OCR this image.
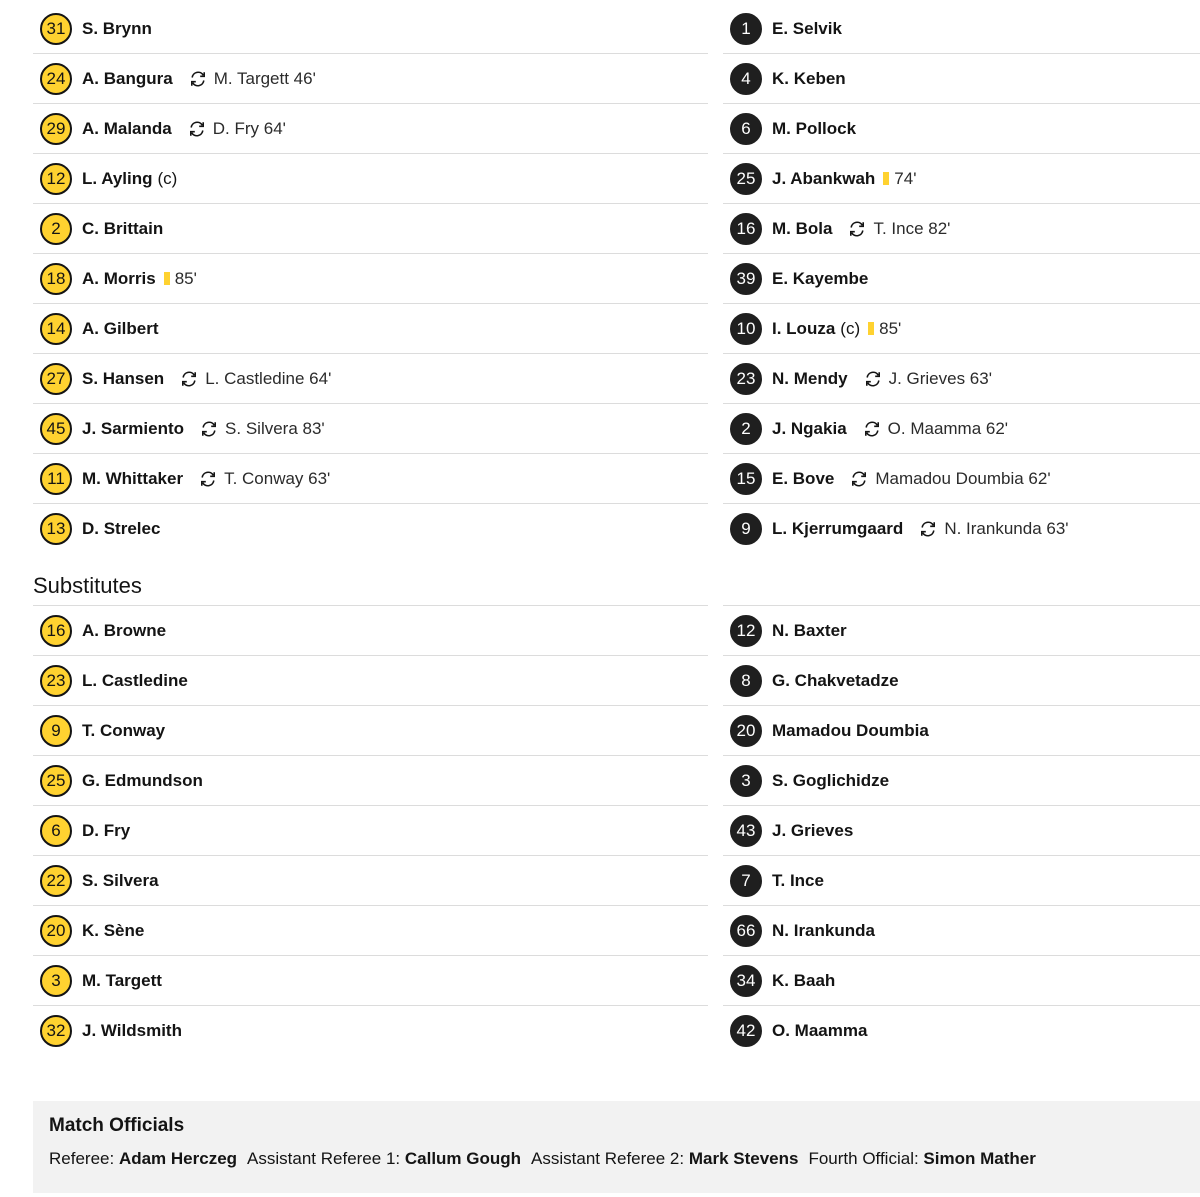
31 S. Brynn
24 A. Bangura M. Targett 46'
29 A. Malanda D. Fry 64'
12 L. Ayling (c)
2	C. Brittain
18 A. Morris 85'
14 A. Gilbert
27 S. Hansen L. Castledine 64'
45 J. Sarmiento S. Silvera 83'
11	M. Whittaker T. Conway 63'
13 D. Strelec
Substitutes
16 A. Browne
23 L. Castledine
9	T. Conway
25 G. Edmundson
6	D. Fry
22 S. Silvera
20 K. Sène
3	M. Targett
32 J. Wildsmith
1	E. Selvik
4	K. Keben
6	M. Pollock
25 J. Abankwah 74'
16 M. Bola T. Ince 82'
39 E. Kayembe
10 I. Louza (c) 85'
23 N. Mendy J. Grieves 63'
2	J. Ngakia O. Maamma 62'
15 E. Bove Mamadou Doumbia 62'
9	L. Kjerrumgaard N. Irankunda 63'
12 N. Baxter
8	G. Chakvetadze
20 Mamadou Doumbia
3	S. Goglichidze
43 J. Grieves
7	T. Ince
66 N. Irankunda
34 K. Baah
42 O. Maamma
Match Officials
Referee: Adam Herczeg Assistant Referee 1: Callum Gough Assistant Referee 2: Mark Stevens Fourth Official: Simon Mather
